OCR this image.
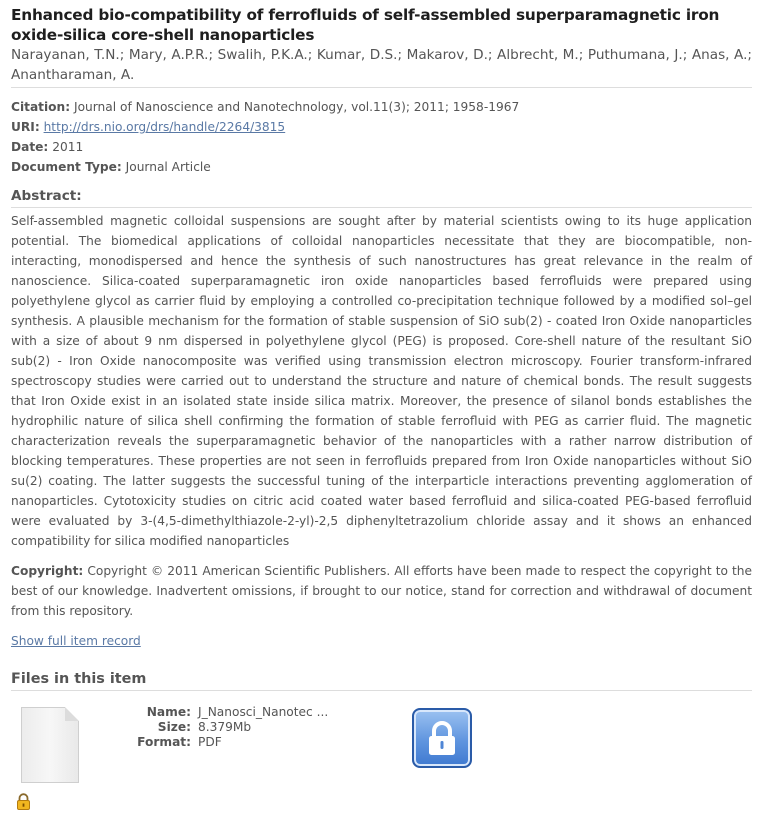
Enhanced bio-compatibility of ferrofluids of self-assembled superparamagnetic iron oxide-silica core-shell nanoparticles

Narayanan, T.N.; Mary, A.P.R.; Swalih, P.K.A.; Kumar, D.S.; Makarov, D.; Albrecht, M.; Puthumana, J.; Anas, A.; Anantharaman, A.

Citation: Journal of Nanoscience and Nanotechnology, vol.11(3); 2011; 1958-1967
URI: http://drs.nio.org/drs/handle/2264/3815
Date: 2011
Document Type: Journal Article
Abstract:

Self-assembled magnetic colloidal suspensions are sought after by material scientists owing to its huge application potential. The biomedical applications of colloidal nanoparticles necessitate that they are biocompatible, non-interacting, monodispersed and hence the synthesis of such nanostructures has great relevance in the realm of nanoscience. Silica-coated superparamagnetic iron oxide nanoparticles based ferrofluids were prepared using polyethylene glycol as carrier fluid by employing a controlled co-precipitation technique followed by a modified sol–gel synthesis. A plausible mechanism for the formation of stable suspension of SiO sub(2) - coated Iron Oxide nanoparticles with a size of about 9 nm dispersed in polyethylene glycol (PEG) is proposed. Core-shell nature of the resultant SiO sub(2) - Iron Oxide nanocomposite was verified using transmission electron microscopy. Fourier transform-infrared spectroscopy studies were carried out to understand the structure and nature of chemical bonds. The result suggests that Iron Oxide exist in an isolated state inside silica matrix. Moreover, the presence of silanol bonds establishes the hydrophilic nature of silica shell confirming the formation of stable ferrofluid with PEG as carrier fluid. The magnetic characterization reveals the superparamagnetic behavior of the nanoparticles with a rather narrow distribution of blocking temperatures. These properties are not seen in ferrofluids prepared from Iron Oxide nanoparticles without SiO su(2) coating. The latter suggests the successful tuning of the interparticle interactions preventing agglomeration of nanoparticles. Cytotoxicity studies on citric acid coated water based ferrofluid and silica-coated PEG-based ferrofluid were evaluated by 3-(4,5-dimethylthiazole-2-yl)-2,5 diphenyltetrazolium chloride assay and it shows an enhanced compatibility for silica modified nanoparticles

Copyright: Copyright © 2011 American Scientific Publishers. All efforts have been made to respect the copyright to the best of our knowledge. Inadvertent omissions, if brought to our notice, stand for correction and withdrawal of document from this repository.
Show full item record
Files in this item
Name: J_Nanosci_Nanotec ...
Size: 8.379Mb
Format: PDF
